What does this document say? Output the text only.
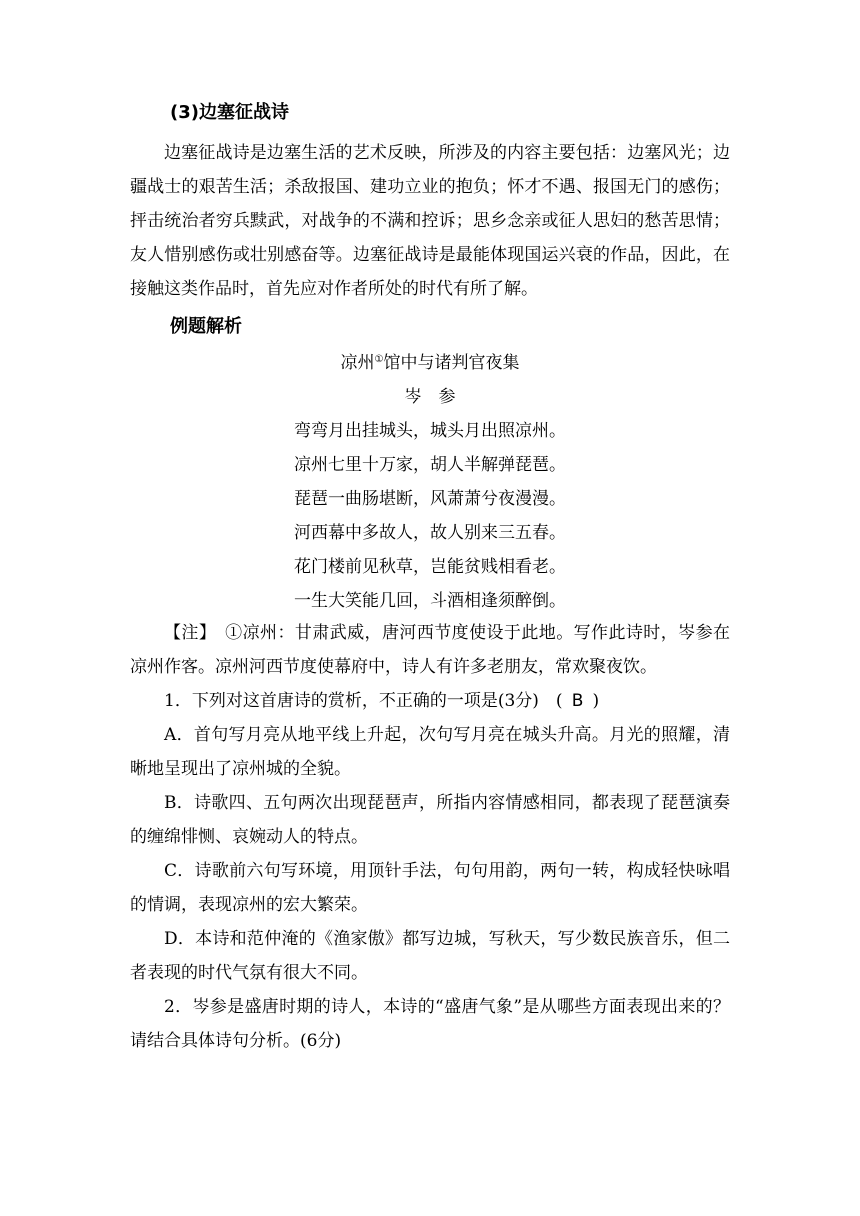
(3)边塞征战诗
边塞征战诗是边塞生活的艺术反映，所涉及的内容主要包括：边塞风光；边
疆战士的艰苦生活；杀敌报国、建功立业的抱负；怀才不遇、报国无门的感伤；
抨击统治者穷兵黩武，对战争的不满和控诉；思乡念亲或征人思妇的愁苦思情；
友人惜别感伤或壮别感奋等。边塞征战诗是最能体现国运兴衰的作品，因此，在
接触这类作品时，首先应对作者所处的时代有所了解。
例题解析
凉州①馆中与诸判官夜集
岑　参
弯弯月出挂城头，城头月出照凉州。
凉州七里十万家，胡人半解弹琵琶。
琵琶一曲肠堪断，风萧萧兮夜漫漫。
河西幕中多故人，故人别来三五春。
花门楼前见秋草，岂能贫贱相看老。
一生大笑能几回，斗酒相逢须醉倒。
【注】　①凉州：甘肃武威，唐河西节度使设于此地。写作此诗时，岑参在
凉州作客。凉州河西节度使幕府中，诗人有许多老朋友，常欢聚夜饮。
1．下列对这首唐诗的赏析，不正确的一项是(3分)　( B )
A．首句写月亮从地平线上升起，次句写月亮在城头升高。月光的照耀，清
晰地呈现出了凉州城的全貌。
B．诗歌四、五句两次出现琵琶声，所指内容情感相同，都表现了琵琶演奏
的缠绵悱恻、哀婉动人的特点。
C．诗歌前六句写环境，用顶针手法，句句用韵，两句一转，构成轻快咏唱
的情调，表现凉州的宏大繁荣。
D．本诗和范仲淹的《渔家傲》都写边城，写秋天，写少数民族音乐，但二
者表现的时代气氛有很大不同。
2．岑参是盛唐时期的诗人，本诗的“盛唐气象”是从哪些方面表现出来的？
请结合具体诗句分析。(6分)
